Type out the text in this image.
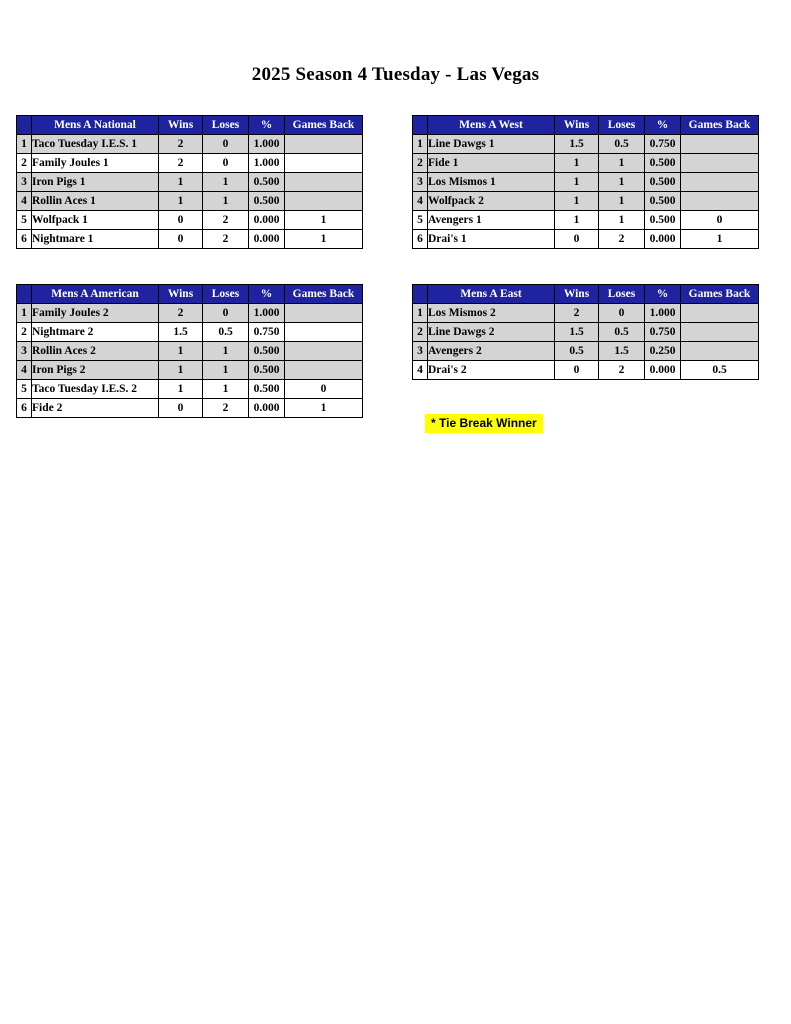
2025 Season 4 Tuesday - Las Vegas
	Mens A National	Wins	Loses	%	Games Back
1	Taco Tuesday I.E.S. 1	2	0	1.000	
2	Family Joules 1	2	0	1.000	
3	Iron Pigs 1	1	1	0.500	
4	Rollin Aces 1	1	1	0.500	
5	Wolfpack 1	0	2	0.000	1
6	Nightmare 1	0	2	0.000	1
	Mens A West	Wins	Loses	%	Games Back
1	Line Dawgs 1	1.5	0.5	0.750	
2	Fide 1	1	1	0.500	
3	Los Mismos 1	1	1	0.500	
4	Wolfpack 2	1	1	0.500	
5	Avengers 1	1	1	0.500	0
6	Drai's 1	0	2	0.000	1
	Mens A American	Wins	Loses	%	Games Back
1	Family Joules 2	2	0	1.000	
2	Nightmare 2	1.5	0.5	0.750	
3	Rollin Aces 2	1	1	0.500	
4	Iron Pigs 2	1	1	0.500	
5	Taco Tuesday I.E.S. 2	1	1	0.500	0
6	Fide 2	0	2	0.000	1
	Mens A East	Wins	Loses	%	Games Back
1	Los Mismos 2	2	0	1.000	
2	Line Dawgs 2	1.5	0.5	0.750	
3	Avengers 2	0.5	1.5	0.250	
4	Drai's 2	0	2	0.000	0.5
* Tie Break Winner
